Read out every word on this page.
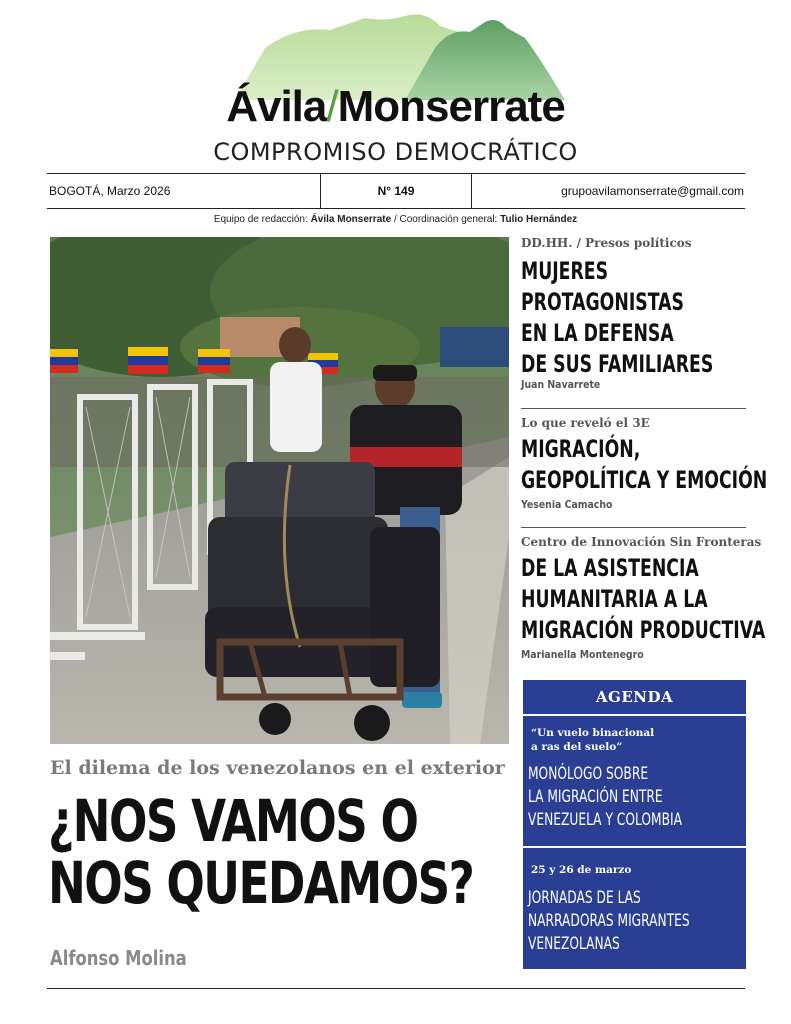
Ávila/Monserrate
COMPROMISO DEMOCRÁTICO
BOGOTÁ, Marzo 2026	N° 149	grupoavilamonserrate@gmail.com
Equipo de redacción: Ávila Monserrate / Coordinación general: Tulio Hernández
El dilema de los venezolanos en el exterior
¿NOS VAMOS O
NOS QUEDAMOS?
Alfonso Molina
DD.HH. / Presos políticos
MUJERES
PROTAGONISTAS
EN LA DEFENSA
DE SUS FAMILIARES
Juan Navarrete
Lo que reveló el 3E
MIGRACIÓN,
GEOPOLÍTICA Y EMOCIÓN
Yesenia Camacho
Centro de Innovación Sin Fronteras
DE LA ASISTENCIA
HUMANITARIA A LA
MIGRACIÓN PRODUCTIVA
Marianella Montenegro
AGENDA
“Un vuelo binacional
a ras del suelo”
MONÓLOGO SOBRE
LA MIGRACIÓN ENTRE
VENEZUELA Y COLOMBIA
25 y 26 de marzo
JORNADAS DE LAS
NARRADORAS MIGRANTES
VENEZOLANAS
